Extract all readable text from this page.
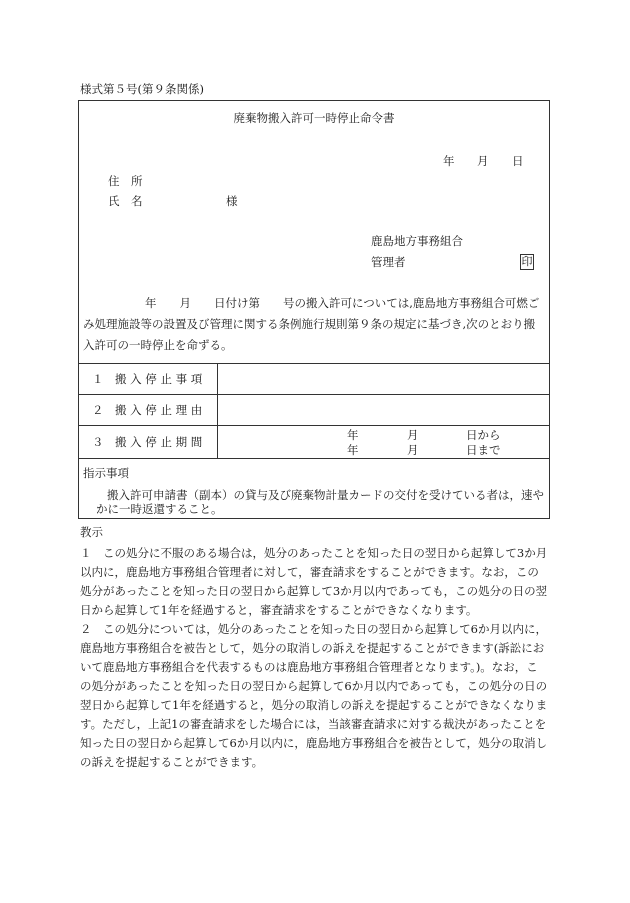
様式第５号(第９条関係)
廃棄物搬入許可一時停止命令書
年 月 日
住　所
氏　名	様
鹿島地方事務組合
管理者	印
年　　月　　日付け第　　号の搬入許可については,鹿島地方事務組合可燃ご
み処理施設等の設置及び管理に関する条例施行規則第９条の規定に基づき,次のとおり搬
入許可の一時停止を命ずる。
１　搬 入 停 止 事 項
２　搬 入 停 止 理 由
３　搬 入 停 止 期 間	年	月	日から
年	月	日まで
指示事項
搬入許可申請書（副本）の貸与及び廃棄物計量カードの交付を受けている者は，速や
かに一時返還すること。
教示
１　この処分に不服のある場合は，処分のあったことを知った日の翌日から起算して3か月
以内に，鹿島地方事務組合管理者に対して，審査請求をすることができます。なお，この
処分があったことを知った日の翌日から起算して3か月以内であっても，この処分の日の翌
日から起算して1年を経過すると，審査請求をすることができなくなります。
２　この処分については，処分のあったことを知った日の翌日から起算して6か月以内に，
鹿島地方事務組合を被告として，処分の取消しの訴えを提起することができます(訴訟にお
いて鹿島地方事務組合を代表するものは鹿島地方事務組合管理者となります。)。なお，こ
の処分があったことを知った日の翌日から起算して6か月以内であっても，この処分の日の
翌日から起算して1年を経過すると，処分の取消しの訴えを提起することができなくなりま
す。ただし，上記1の審査請求をした場合には，当該審査請求に対する裁決があったことを
知った日の翌日から起算して6か月以内に，鹿島地方事務組合を被告として，処分の取消し
の訴えを提起することができます。
